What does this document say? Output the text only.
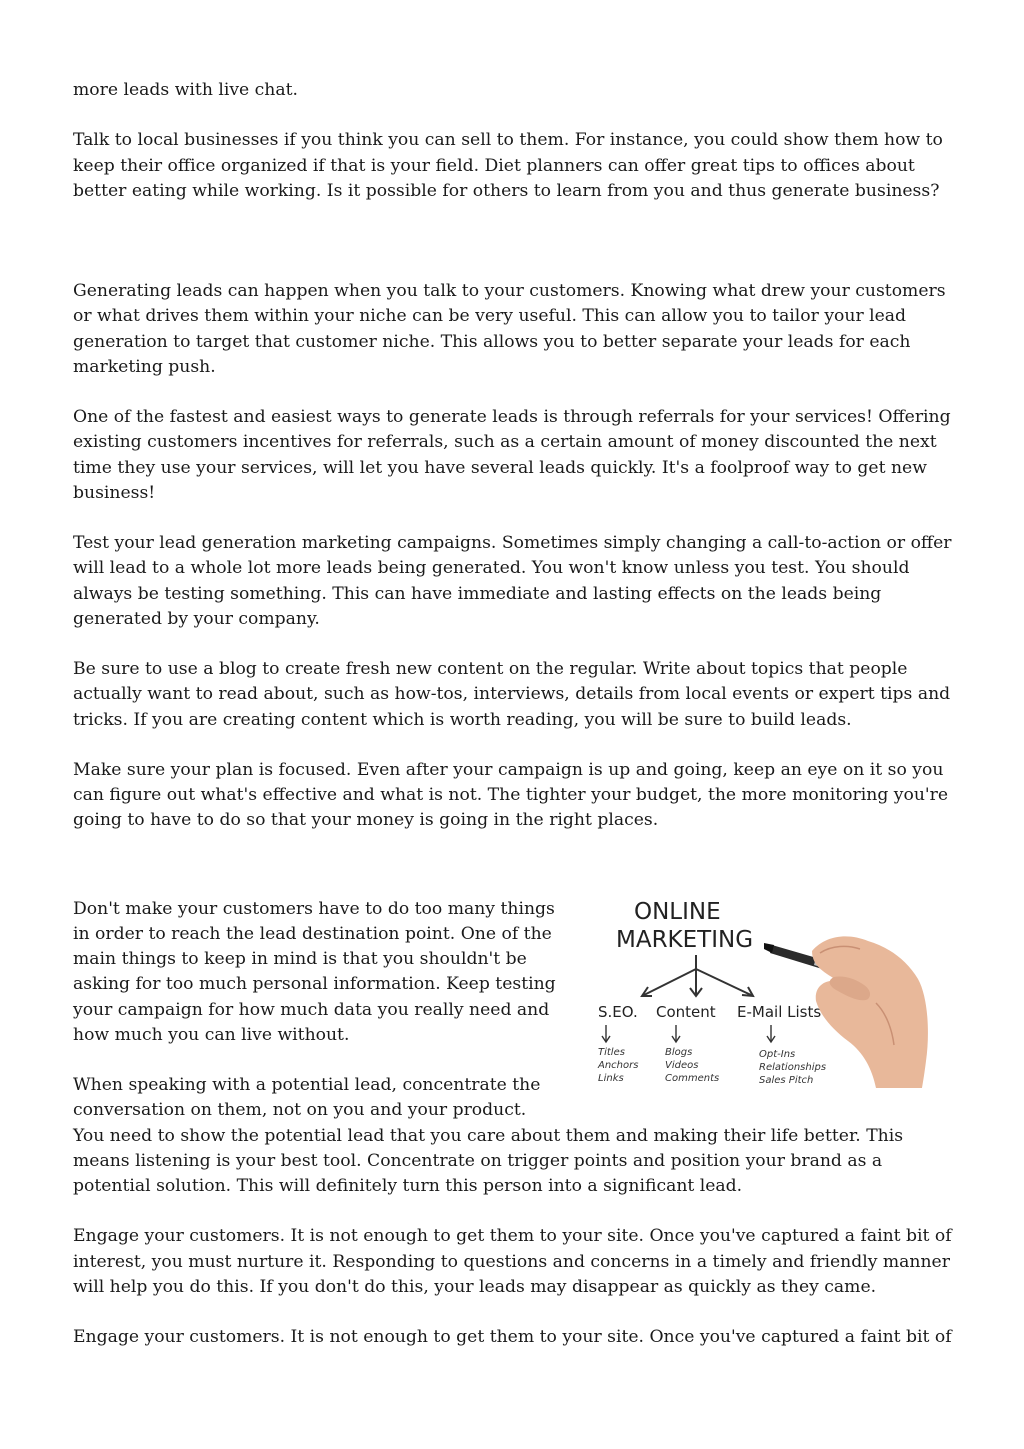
more leads with live chat.

Talk to local businesses if you think you can sell to them. For instance, you could show them how to keep their office organized if that is your field. Diet planners can offer great tips to offices about better eating while working. Is it possible for others to learn from you and thus generate business?

Generating leads can happen when you talk to your customers. Knowing what drew your customers or what drives them within your niche can be very useful. This can allow you to tailor your lead generation to target that customer niche. This allows you to better separate your leads for each marketing push.

One of the fastest and easiest ways to generate leads is through referrals for your services! Offering existing customers incentives for referrals, such as a certain amount of money discounted the next time they use your services, will let you have several leads quickly. It's a foolproof way to get new business!

Test your lead generation marketing campaigns. Sometimes simply changing a call-to-action or offer will lead to a whole lot more leads being generated. You won't know unless you test. You should always be testing something. This can have immediate and lasting effects on the leads being generated by your company.

Be sure to use a blog to create fresh new content on the regular. Write about topics that people actually want to read about, such as how-tos, interviews, details from local events or expert tips and tricks. If you are creating content which is worth reading, you will be sure to build leads.

Make sure your plan is focused. Even after your campaign is up and going, keep an eye on it so you can figure out what's effective and what is not. The tighter your budget, the more monitoring you're going to have to do so that your money is going in the right places.

ONLINE
MARKETING
S.EO. Content E-Mail Lists
Titles
Anchors
Links
Blogs
Videos
Comments
Opt-Ins
Relationships
Sales Pitch

Don't make your customers have to do too many things in order to reach the lead destination point. One of the main things to keep in mind is that you shouldn't be asking for too much personal information. Keep testing your campaign for how much data you really need and how much you can live without.

When speaking with a potential lead, concentrate the conversation on them, not on you and your product. You need to show the potential lead that you care about them and making their life better. This means listening is your best tool. Concentrate on trigger points and position your brand as a potential solution. This will definitely turn this person into a significant lead.

Engage your customers. It is not enough to get them to your site. Once you've captured a faint bit of interest, you must nurture it. Responding to questions and concerns in a timely and friendly manner will help you do this. If you don't do this, your leads may disappear as quickly as they came.

Engage your customers. It is not enough to get them to your site. Once you've captured a faint bit of
